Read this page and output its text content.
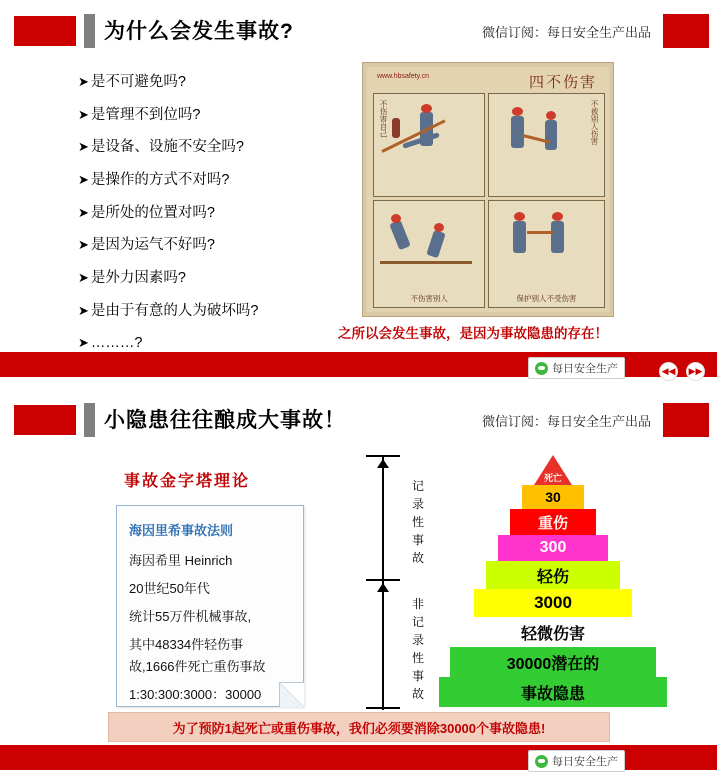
为什么会发生事故?	微信订阅：每日安全生产出品
➤ 是不可避免吗?
➤ 是管理不到位吗?
➤ 是设备、设施不安全吗?
➤ 是操作的方式不对吗?
➤ 是所处的位置对吗?
➤ 是因为运气不好吗?
➤ 是外力因素吗?
➤ 是由于有意的人为破坏吗?
➤ ………?
www.hbsafety.cn	四不伤害
不伤害自己	不被别人伤害
不伤害别人	保护别人不受伤害
之所以会发生事故，是因为事故隐患的存在！
每日安全生产	◀◀ ▶▶
小隐患往往酿成大事故！	微信订阅：每日安全生产出品
事故金字塔理论
海因里希事故法则
海因希里 Heinrich
20世纪50年代
统计55万件机械事故,
其中48334件轻伤事
故,1666件死亡重伤事故
1:30:300:3000：30000
记录性事故
非记录性事故
死亡
30
重伤
300
轻伤
3000
轻微伤害
30000潜在的
事故隐患
为了预防1起死亡或重伤事故，我们必须要消除30000个事故隐患!
每日安全生产
